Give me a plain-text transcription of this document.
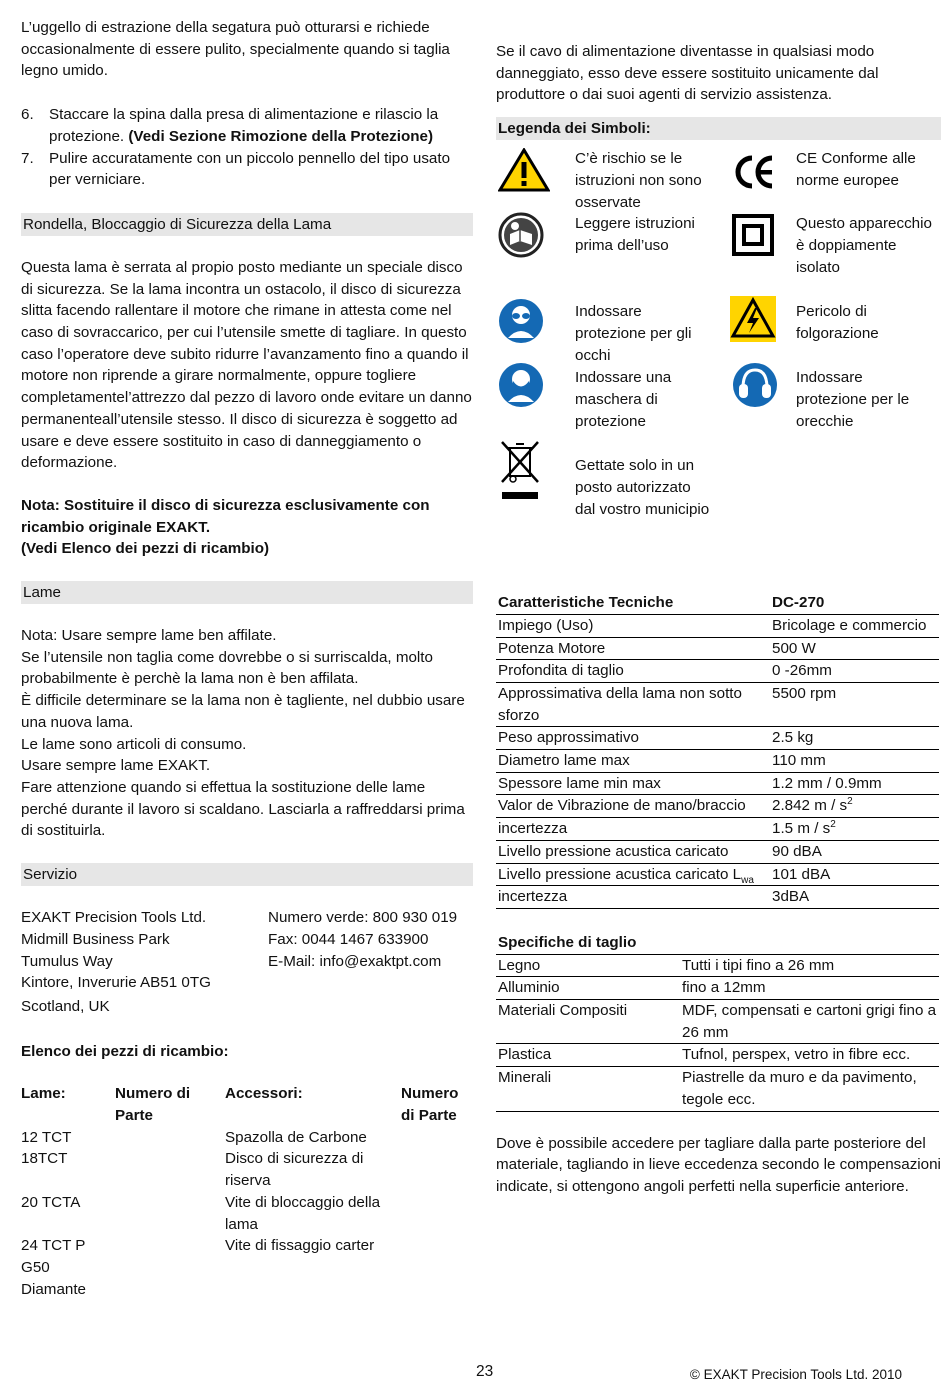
L’uggello di estrazione della segatura può otturarsi e richiede occasionalmente di essere pulito, specialmente quando si taglia legno umido.

6. Staccare la spina dalla presa di alimentazione e rilascio la protezione. (Vedi Sezione Rimozione della Protezione)
7. Pulire accuratamente con un piccolo pennello del tipo usato per verniciare.
Rondella, Bloccaggio di Sicurezza della Lama

Questa lama è serrata al propio posto mediante un speciale disco di sicurezza. Se la lama incontra un ostacolo, il disco di sicurezza slitta facendo rallentare il motore che rimane in attesta come nel caso di sovraccarico, per cui l’utensile smette di tagliare. In questo caso l’operatore deve subito ridurre l’avanzamento fino a quando il motore non riprende a girare normalmente, oppure togliere completamentel’attrezzo dal pezzo di lavoro onde evitare un danno permanenteall’utensile stesso. Il disco di sicurezza è soggetto ad usare e deve essere sostituito in caso di danneggiamento o deformazione.

Nota: Sostituire il disco di sicurezza esclusivamente con ricambio originale EXAKT.

(Vedi Elenco dei pezzi di ricambio)

Lame

Nota: Usare sempre lame ben affilate.

Se l’utensile non taglia come dovrebbe o si surriscalda, molto probabilmente è perchè la lama non è ben affilata.

È difficile determinare se la lama non è tagliente, nel dubbio usare una nuova lama.

Le lame sono articoli di consumo.

Usare sempre lame EXAKT.

Fare attenzione quando si effettua la sostituzione delle lame perché durante il lavoro si scaldano. Lasciarla a raffreddarsi prima di sostituirla.

Servizio
EXAKT Precision Tools Ltd.
Midmill Business Park
Tumulus Way
Kintore, Inverurie AB51 0TG
Scotland, UK
Numero verde: 800 930 019
Fax: 0044 1467 633900
E-Mail: info@exaktpt.com

Elenco dei pezzi di ricambio:

Lame:	Numero di Parte	Accessori:	Numero di Parte
12 TCT		Spazolla de Carbone	
18TCT		Disco di sicurezza di riserva	
20 TCTA		Vite di bloccaggio della lama	
24 TCT P G50 Diamante		Vite di fissaggio carter	

Se il cavo di alimentazione diventasse in qualsiasi modo danneggiato, esso deve essere sostituito unicamente dal produttore o dai suoi agenti di servizio assistenza.

Legenda dei Simboli:
C’è rischio se le istruzioni non sono osservate
CE Conforme alle norme europee
Leggere istruzioni prima dell’uso
Questo apparecchio è doppiamente isolato
Indossare protezione per gli occhi
Pericolo di folgorazione
Indossare una maschera di protezione
Indossare protezione per le orecchie
Gettate solo in un posto autorizzato dal vostro municipio
Caratteristiche Tecniche	DC-270
Impiego (Uso)	Bricolage e commercio
Potenza Motore	500 W
Profondita di taglio	0 -26mm
Approssimativa della lama non sotto sforzo	5500 rpm
Peso approssimativo	2.5 kg
Diametro lame max	110 mm
Spessore lame min max	1.2 mm / 0.9mm
Valor de Vibrazione de mano/braccio	2.842 m / $s^2$
incertezza	1.5 m / $s^2$
Livello pressione acustica caricato	90 dBA
Livello pressione acustica caricato $L_{wa}$	101 dBA
incertezza	3dBA
Specifiche di taglio	
Legno	Tutti i tipi fino a 26 mm
Alluminio	fino a 12mm
Materiali Compositi	MDF, compensati e cartoni grigi fino a 26 mm
Plastica	Tufnol, perspex, vetro in fibre ecc.
Minerali	Piastrelle da muro e da pavimento, tegole ecc.

Dove è possibile accedere per tagliare dalla parte posteriore del materiale, tagliando in lieve eccedenza secondo le compensazioni indicate, si ottengono angoli perfetti nella superficie anteriore.

23	© EXAKT Precision Tools Ltd. 2010
